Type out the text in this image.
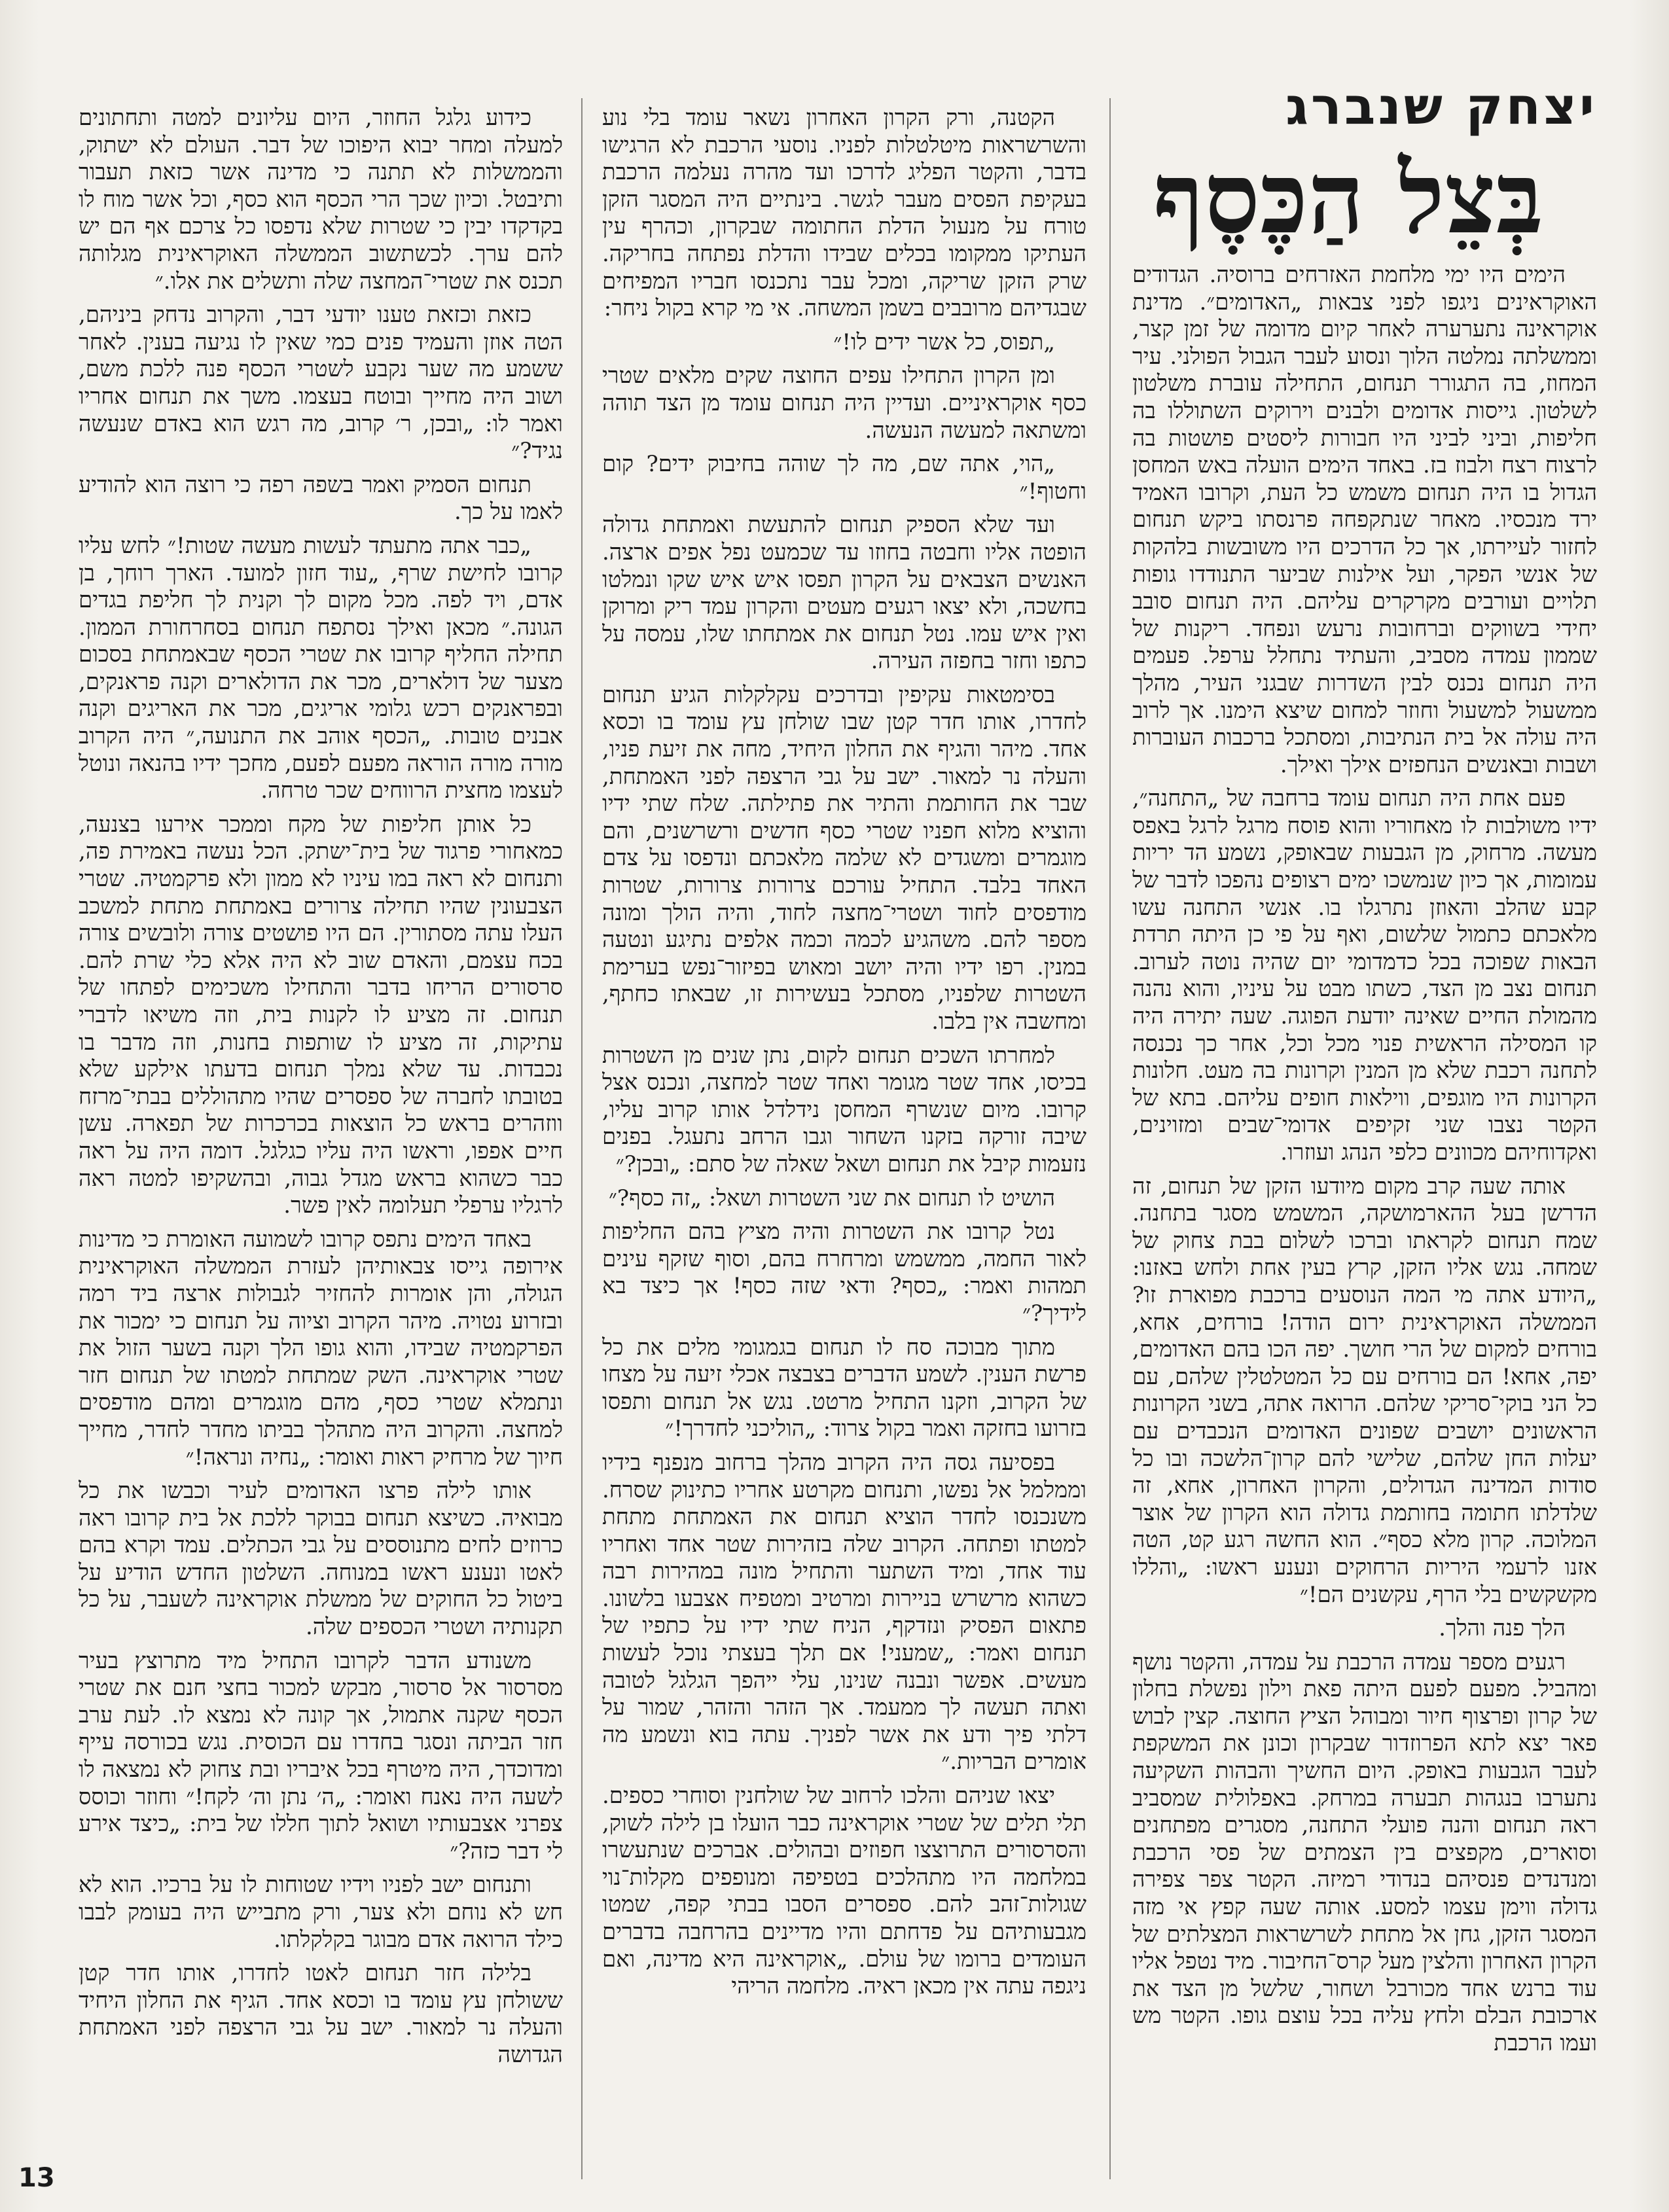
יצחק שנברג
בְּצֵל הַכֶּסֶף

הימים היו ימי מלחמת האזרחים ברוסיה. הגדודים האוקראינים ניגפו לפני צבאות „האדומים״. מדינת אוקראינה נתערערה לאחר קיום מדומה של זמן קצר, וממשלתה נמלטה הלוך ונסוע לעבר הגבול הפולני. עיר המחוז, בה התגורר תנחום, התחילה עוברת משלטון לשלטון. גייסות אדומים ולבנים וירוקים השתוללו בה חליפות, וביני לביני היו חבורות ליסטים פושטות בה לרצוח רצח ולבוז בז. באחד הימים הועלה באש המחסן הגדול בו היה תנחום משמש כל העת, וקרובו האמיד ירד מנכסיו. מאחר שנתקפחה פרנסתו ביקש תנחום לחזור לעיירתו, אך כל הדרכים היו משובשות בלהקות של אנשי הפקר, ועל אילנות שביער התנודדו גופות תלויים ועורבים מקרקרים עליהם. היה תנחום סובב יחידי בשווקים וברחובות נרעש ונפחד. ריקנות של שממון עמדה מסביב, והעתיד נתחלל ערפל. פעמים היה תנחום נכנס לבין השדרות שבגני העיר, מהלך ממשעול למשעול וחוזר למחום שיצא הימנו. אך לרוב היה עולה אל בית הנתיבות, ומסתכל ברכבות העוברות ושבות ובאנשים הנחפזים אילך ואילך.

פעם אחת היה תנחום עומד ברחבה של „התחנה״, ידיו משולבות לו מאחוריו והוא פוסח מרגל לרגל באפס מעשה. מרחוק, מן הגבעות שבאופק, נשמע הד יריות עמומות, אך כיון שנמשכו ימים רצופים נהפכו לדבר של קבע שהלב והאוזן נתרגלו בו. אנשי התחנה עשו מלאכתם כתמול שלשום, ואף על פי כן היתה תרדת הבאות שפוכה בכל כדמדומי יום שהיה נוטה לערוב. תנחום נצב מן הצד, כשתו מבט על עיניו, והוא נהנה מהמולת החיים שאינה יודעת הפוגה. שעה יתירה היה קו המסילה הראשית פנוי מכל וכל, אחר כך נכנסה לתחנה רכבת שלא מן המנין וקרונות בה מעט. חלונות הקרונות היו מוגפים, ווילאות חופים עליהם. בתא של הקטר נצבו שני זקיפים אדומי־שבים ומזוינים, ואקדוחיהם מכוונים כלפי הנהג ועוזרו.

אותה שעה קרב מקום מיודעו הזקן של תנחום, זה הדרשן בעל ההארמושקה, המשמש מסגר בתחנה. שמח תנחום לקראתו וברכו לשלום בבת צחוק של שמחה. נגש אליו הזקן, קרץ בעין אחת ולחש באזנו: „היודע אתה מי המה הנוסעים ברכבת מפוארת זו? הממשלה האוקראינית ירום הודה! בורחים, אחא, בורחים למקום של הרי חושך. יפה הכו בהם האדומים, יפה, אחא! הם בורחים עם כל המטלטלין שלהם, עם כל הני בוקי־סריקי שלהם. הרואה אתה, בשני הקרונות הראשונים יושבים שפונים האדומים הנכבדים עם יעלות החן שלהם, שלישי להם קרון־הלשכה ובו כל סודות המדינה הגדולים, והקרון האחרון, אחא, זה שלדלתו חתומה בחותמת גדולה הוא הקרון של אוצר המלוכה. קרון מלא כסף״. הוא החשה רגע קט, הטה אזנו לרעמי היריות הרחוקים ונענע ראשו: „והללו מקשקשים בלי הרף, עקשנים הם!״

הלך פנה והלך.

רגעים מספר עמדה הרכבת על עמדה, והקטר נושף ומהביל. מפעם לפעם היתה פאת וילון נפשלת בחלון של קרון ופרצוף חיור ומבוהל הציץ החוצה. קצין לבוש פאר יצא לתא הפרוזדור שבקרון וכונן את המשקפת לעבר הגבעות באופק. היום החשיך והבהות השקיעה נתערבו בנגהות תבערה במרחק. באפלולית שמסביב ראה תנחום והנה פועלי התחנה, מסגרים מפתחנים וסוארים, מקפצים בין הצמתים של פסי הרכבת ומנדנדים פנסיהם בנדודי רמיזה. הקטר צפר צפירה גדולה ווימן עצמו למסע. אותה שעה קפץ אי מזה המסגר הזקן, גחן אל מתחת לשרשראות המצלתים של הקרון האחרון והלצין מעל קרס־החיבור. מיד נטפל אליו עוד ברנש אחד מכורבל ושחור, שלשל מן הצד את ארכובת הבלם ולחץ עליה בכל עוצם גופו. הקטר מש ועמו הרכבת

הקטנה, ורק הקרון האחרון נשאר עומד בלי נוע והשרשראות מיטלטלות לפניו. נוסעי הרכבת לא הרגישו בדבר, והקטר הפליג לדרכו ועד מהרה נעלמה הרכבת בעקיפת הפסים מעבר לגשר. בינתיים היה המסגר הזקן טורח על מנעול הדלת החתומה שבקרון, וכהרף עין העתיקו ממקומו בכלים שבידו והדלת נפתחה בחריקה. שרק הזקן שריקה, ומכל עבר נתכנסו חבריו המפיחים שבגדיהם מרובבים בשמן המשחה. אי מי קרא בקול ניחר:

„תפוס, כל אשר ידים לו!״

ומן הקרון התחילו עפים החוצה שקים מלאים שטרי כסף אוקראיניים. ועדיין היה תנחום עומד מן הצד תוהה ומשתאה למעשה הנעשה.

„הוי, אתה שם, מה לך שוהה בחיבוק ידים? קום וחטוף!״

ועד שלא הספיק תנחום להתעשת ואמתחת גדולה הופטה אליו וחבטה בחוזו עד שכמעט נפל אפים ארצה. האנשים הצבאים על הקרון תפסו איש איש שקו ונמלטו בחשכה, ולא יצאו רגעים מעטים והקרון עמד ריק ומרוקן ואין איש עמו. נטל תנחום את אמתחתו שלו, עמסה על כתפו וחזר בחפזה העירה.

בסימטאות עקיפין ובדרכים עקלקלות הגיע תנחום לחדרו, אותו חדר קטן שבו שולחן עץ עומד בו וכסא אחד. מיהר והגיף את החלון היחיד, מחה את זיעת פניו, והעלה נר למאור. ישב על גבי הרצפה לפני האמתחת, שבר את החותמת והתיר את פתילתה. שלח שתי ידיו והוציא מלוא חפניו שטרי כסף חדשים ורשרשנים, והם מוגמרים ומשגדים לא שלמה מלאכתם ונדפסו על צדם האחד בלבד. התחיל עורכם צרורות צרורות, שטרות מודפסים לחוד ושטרי־מחצה לחוד, והיה הולך ומונה מספר להם. משהגיע לכמה וכמה אלפים נתיגע ונטעה במנין. רפו ידיו והיה יושב ומאוש בפיזור־נפש בערימת השטרות שלפניו, מסתכל בעשירות זו, שבאתו כחתף, ומחשבה אין בלבו.

למחרתו השכים תנחום לקום, נתן שנים מן השטרות בכיסו, אחד שטר מגומר ואחד שטר למחצה, ונכנס אצל קרובו. מיום שנשרף המחסן נידלדל אותו קרוב עליו, שיבה זורקה בזקנו השחור וגבו הרחב נתעגל. בפנים נזעמות קיבל את תנחום ושאל שאלה של סתם: „ובכן?״

הושיט לו תנחום את שני השטרות ושאל: „זה כסף?״

נטל קרובו את השטרות והיה מציץ בהם החליפות לאור החמה, ממשמש ומרחרח בהם, וסוף שזקף עינים תמהות ואמר: „כסף? ודאי שזה כסף! אך כיצד בא לידיך?״

מתוך מבוכה סח לו תנחום בגמגומי מלים את כל פרשת הענין. לשמע הדברים בצבצה אכלי זיעה על מצחו של הקרוב, וזקנו התחיל מרטט. נגש אל תנחום ותפסו בזרועו בחזקה ואמר בקול צרוד: „הוליכני לחדרך!״

בפסיעה גסה היה הקרוב מהלך ברחוב מנפנף בידיו וממלמל אל נפשו, ותנחום מקרטע אחריו כתינוק שסרח. משנכנסו לחדר הוציא תנחום את האמתחת מתחת למטתו ופתחה. הקרוב שלה בזהירות שטר אחד ואחריו עוד אחד, ומיד השתער והתחיל מונה במהירות רבה כשהוא מרשרש בניירות ומרטיב ומטפיח אצבעו בלשונו. פתאום הפסיק ונזדקף, הניח שתי ידיו על כתפיו של תנחום ואמר: „שמעני! אם תלך בעצתי נוכל לעשות מעשים. אפשר ונבנה שנינו, עלי ייהפך הגלגל לטובה ואתה תעשה לך ממעמד. אך הזהר והזהר, שמור על דלתי פיך ודע את אשר לפניך. עתה בוא ונשמע מה אומרים הבריות.״

יצאו שניהם והלכו לרחוב של שולחנין וסוחרי כספים. תלי תלים של שטרי אוקראינה כבר הועלו בן לילה לשוק, והסרסורים התרוצצו חפוזים ובהולים. אברכים שנתעשרו במלחמה היו מתהלכים בטפיפה ומנופפים מקלות־נוי שגולות־זהב להם. ספסרים הסבו בבתי קפה, שמטו מגבעותיהם על פדחתם והיו מדיינים בהרחבה בדברים העומדים ברומו של עולם. „אוקראינה היא מדינה, ואם ניגפה עתה אין מכאן ראיה. מלחמה הריהי

כידוע גלגל החוזר, היום עליונים למטה ותחתונים למעלה ומחר יבוא היפוכו של דבר. העולם לא ישתוק, והממשלות לא תתנה כי מדינה אשר כזאת תעבור ותיבטל. וכיון שכך הרי הכסף הוא כסף, וכל אשר מוח לו בקדקדו יבין כי שטרות שלא נדפסו כל צרכם אף הם יש להם ערך. לכשתשוב הממשלה האוקראינית מגלותה תכנס את שטרי־המחצה שלה ותשלים את אלו.״

כזאת וכזאת טענו יודעי דבר, והקרוב נדחק ביניהם, הטה אוזן והעמיד פנים כמי שאין לו נגיעה בענין. לאחר ששמע מה שער נקבע לשטרי הכסף פנה ללכת משם, ושוב היה מחייך ובוטח בעצמו. משך את תנחום אחריו ואמר לו: „ובכן, ר׳ קרוב, מה רגש הוא באדם שנעשה נגיד?״

תנחום הסמיק ואמר בשפה רפה כי רוצה הוא להודיע לאמו על כך.

„כבר אתה מתעתד לעשות מעשה שטות!״ לחש עליו קרובו לחישת שרף, „עוד חזון למועד. הארך רוחך, בן אדם, ויד לפה. מכל מקום לך וקנית לך חליפת בגדים הגונה.״ מכאן ואילך נסתפח תנחום בסחרחורת הממון. תחילה החליף קרובו את שטרי הכסף שבאמתחת בסכום מצער של דולארים, מכר את הדולארים וקנה פראנקים, ובפראנקים רכש גלומי אריגים, מכר את האריגים וקנה אבנים טובות. „הכסף אוהב את התנועה,״ היה הקרוב מורה מורה הוראה מפעם לפעם, מחכך ידיו בהנאה ונוטל לעצמו מחצית הרווחים שכר טרחה.

כל אותן חליפות של מקח וממכר אירעו בצנעה, כמאחורי פרגוד של בית־ישתק. הכל נעשה באמירת פה, ותנחום לא ראה במו עיניו לא ממון ולא פרקמטיה. שטרי הצבעונין שהיו תחילה צרורים באמתחת מתחת למשכב העלו עתה מסתורין. הם היו פושטים צורה ולובשים צורה בכח עצמם, והאדם שוב לא היה אלא כלי שרת להם. סרסורים הריחו בדבר והתחילו משכימים לפתחו של תנחום. זה מציע לו לקנות בית, וזה משיאו לדברי עתיקות, זה מציע לו שותפות בחנות, וזה מדבר בו נכבדות. עד שלא נמלך תנחום בדעתו אילקע שלא בטובתו לחברה של ספסרים שהיו מתהוללים בבתי־מרזח ווזהרים בראש כל הוצאות בכרכרות של תפארה. עשן חיים אפפו, וראשו היה עליו כגלגל. דומה היה על ראה כבר כשהוא בראש מגדל גבוה, ובהשקיפו למטה ראה לרגליו ערפלי תעלומה לאין פשר.

באחד הימים נתפס קרובו לשמועה האומרת כי מדינות אירופה גייסו צבאותיהן לעזרת הממשלה האוקראינית הגולה, והן אומרות להחזיר לגבולות ארצה ביד רמה ובזרוע נטויה. מיהר הקרוב וציוה על תנחום כי ימכור את הפרקמטיה שבידו, והוא גופו הלך וקנה בשער הזול את שטרי אוקראינה. השק שמתחת למטתו של תנחום חזר ונתמלא שטרי כסף, מהם מוגמרים ומהם מודפסים למחצה. והקרוב היה מתהלך בביתו מחדר לחדר, מחייך חיוך של מרחיק ראות ואומר: „נחיה ונראה!״

אותו לילה פרצו האדומים לעיר וכבשו את כל מבואיה. כשיצא תנחום בבוקר ללכת אל בית קרובו ראה כרוזים לחים מתנוססים על גבי הכתלים. עמד וקרא בהם לאטו ונענע ראשו במנוחה. השלטון החדש הודיע על ביטול כל החוקים של ממשלת אוקראינה לשעבר, על כל תקנותיה ושטרי הכספים שלה.

משנודע הדבר לקרובו התחיל מיד מתרוצץ בעיר מסרסור אל סרסור, מבקש למכור בחצי חנם את שטרי הכסף שקנה אתמול, אך קונה לא נמצא לו. לעת ערב חזר הביתה ונסגר בחדרו עם הכוסית. נגש בכורסה עייף ומדוכדך, היה מיטרף בכל איבריו ובת צחוק לא נמצאה לו לשעה היה נאנח ואומר: „ה׳ נתן וה׳ לקח!״ וחוזר וכוסס צפרני אצבעותיו ושואל לתוך חללו של בית: „כיצד אירע לי דבר כזה?״

ותנחום ישב לפניו וידיו שטוחות לו על ברכיו. הוא לא חש לא נוחם ולא צער, ורק מתבייש היה בעומק לבבו כילד הרואה אדם מבוגר בקלקלתו.

בלילה חזר תנחום לאטו לחדרו, אותו חדר קטן ששולחן עץ עומד בו וכסא אחד. הגיף את החלון היחיד והעלה נר למאור. ישב על גבי הרצפה לפני האמתחת הגדושה

13
